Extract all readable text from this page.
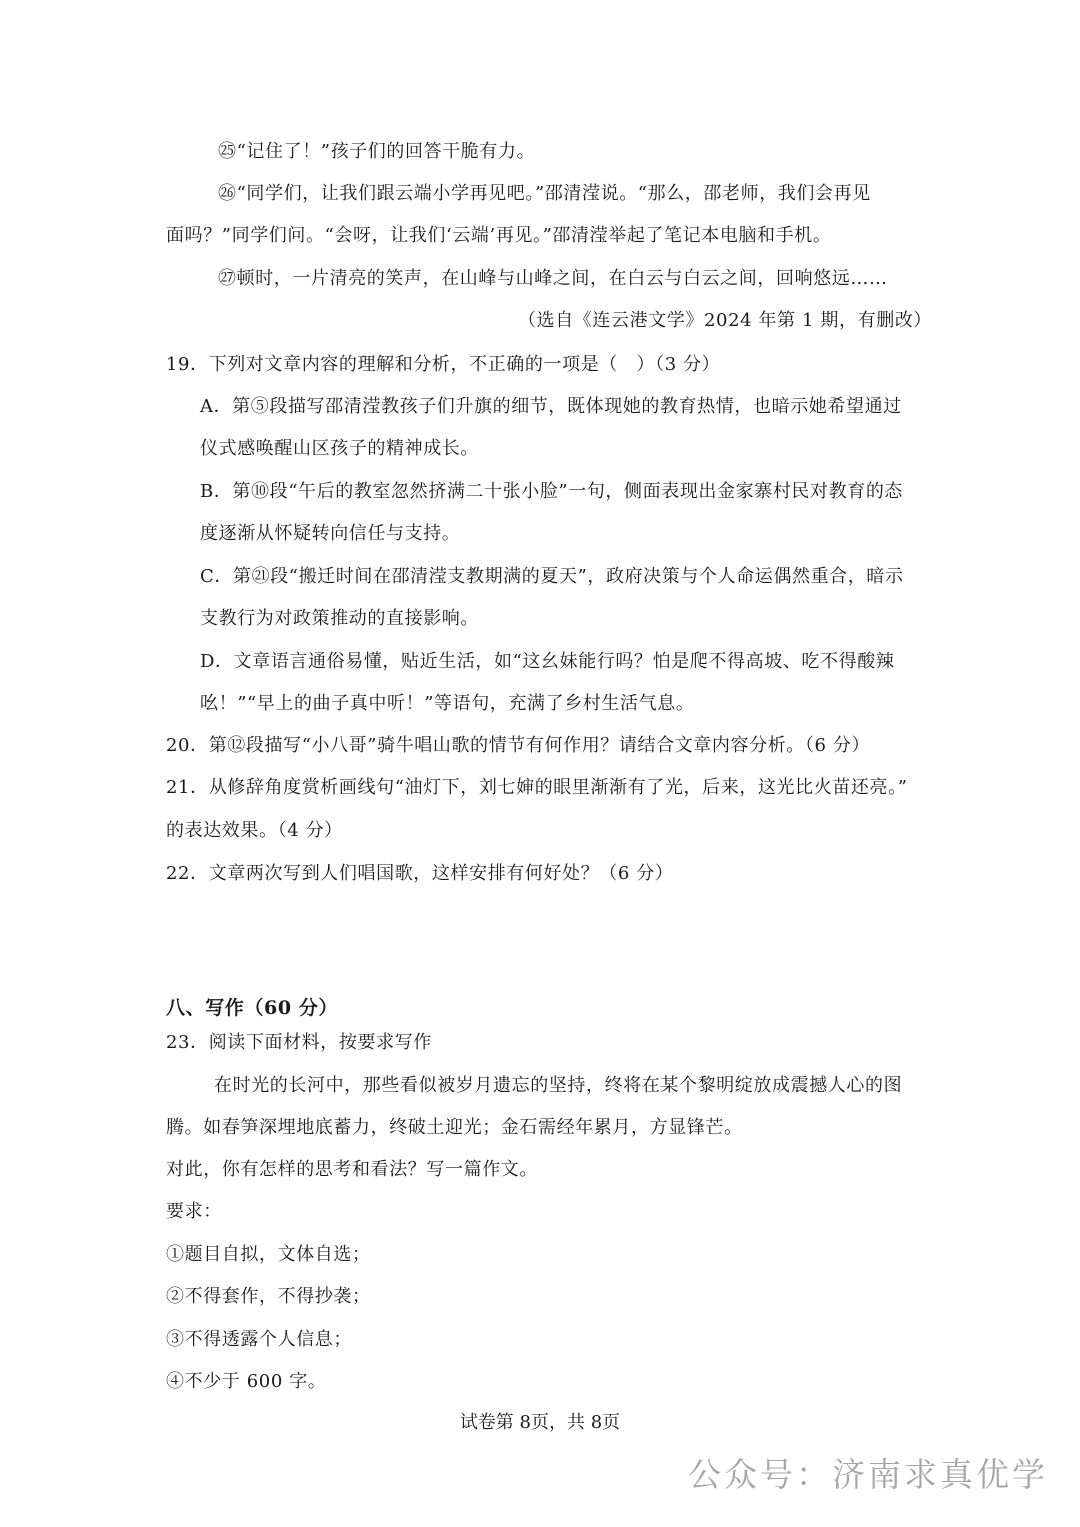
㉕“记住了！”孩子们的回答干脆有力。
㉖“同学们，让我们跟云端小学再见吧。”邵清滢说。“那么，邵老师，我们会再见
面吗？”同学们问。“会呀，让我们‘云端’再见。”邵清滢举起了笔记本电脑和手机。
㉗顿时，一片清亮的笑声，在山峰与山峰之间，在白云与白云之间，回响悠远……
（选自《连云港文学》2024 年第 1 期，有删改）
19．下列对文章内容的理解和分析，不正确的一项是（　）（3 分）
A．第⑤段描写邵清滢教孩子们升旗的细节，既体现她的教育热情，也暗示她希望通过
仪式感唤醒山区孩子的精神成长。
B．第⑩段“午后的教室忽然挤满二十张小脸”一句，侧面表现出金家寨村民对教育的态
度逐渐从怀疑转向信任与支持。
C．第㉑段“搬迁时间在邵清滢支教期满的夏天”，政府决策与个人命运偶然重合，暗示
支教行为对政策推动的直接影响。
D．文章语言通俗易懂，贴近生活，如“这幺妹能行吗？怕是爬不得高坡、吃不得酸辣
吆！”“早上的曲子真中听！”等语句，充满了乡村生活气息。
20．第⑫段描写“小八哥”骑牛唱山歌的情节有何作用？请结合文章内容分析。（6 分）
21．从修辞角度赏析画线句“油灯下，刘七婶的眼里渐渐有了光，后来，这光比火苗还亮。”
的表达效果。（4 分）
22．文章两次写到人们唱国歌，这样安排有何好处？（6 分）
八、写作（60 分）
23．阅读下面材料，按要求写作
在时光的长河中，那些看似被岁月遗忘的坚持，终将在某个黎明绽放成震撼人心的图
腾。如春笋深埋地底蓄力，终破土迎光；金石需经年累月，方显锋芒。
对此，你有怎样的思考和看法？写一篇作文。
要求：
①题目自拟，文体自选；
②不得套作，不得抄袭；
③不得透露个人信息；
④不少于 600 字。
试卷第 8页，共 8页
公众号：济南求真优学
